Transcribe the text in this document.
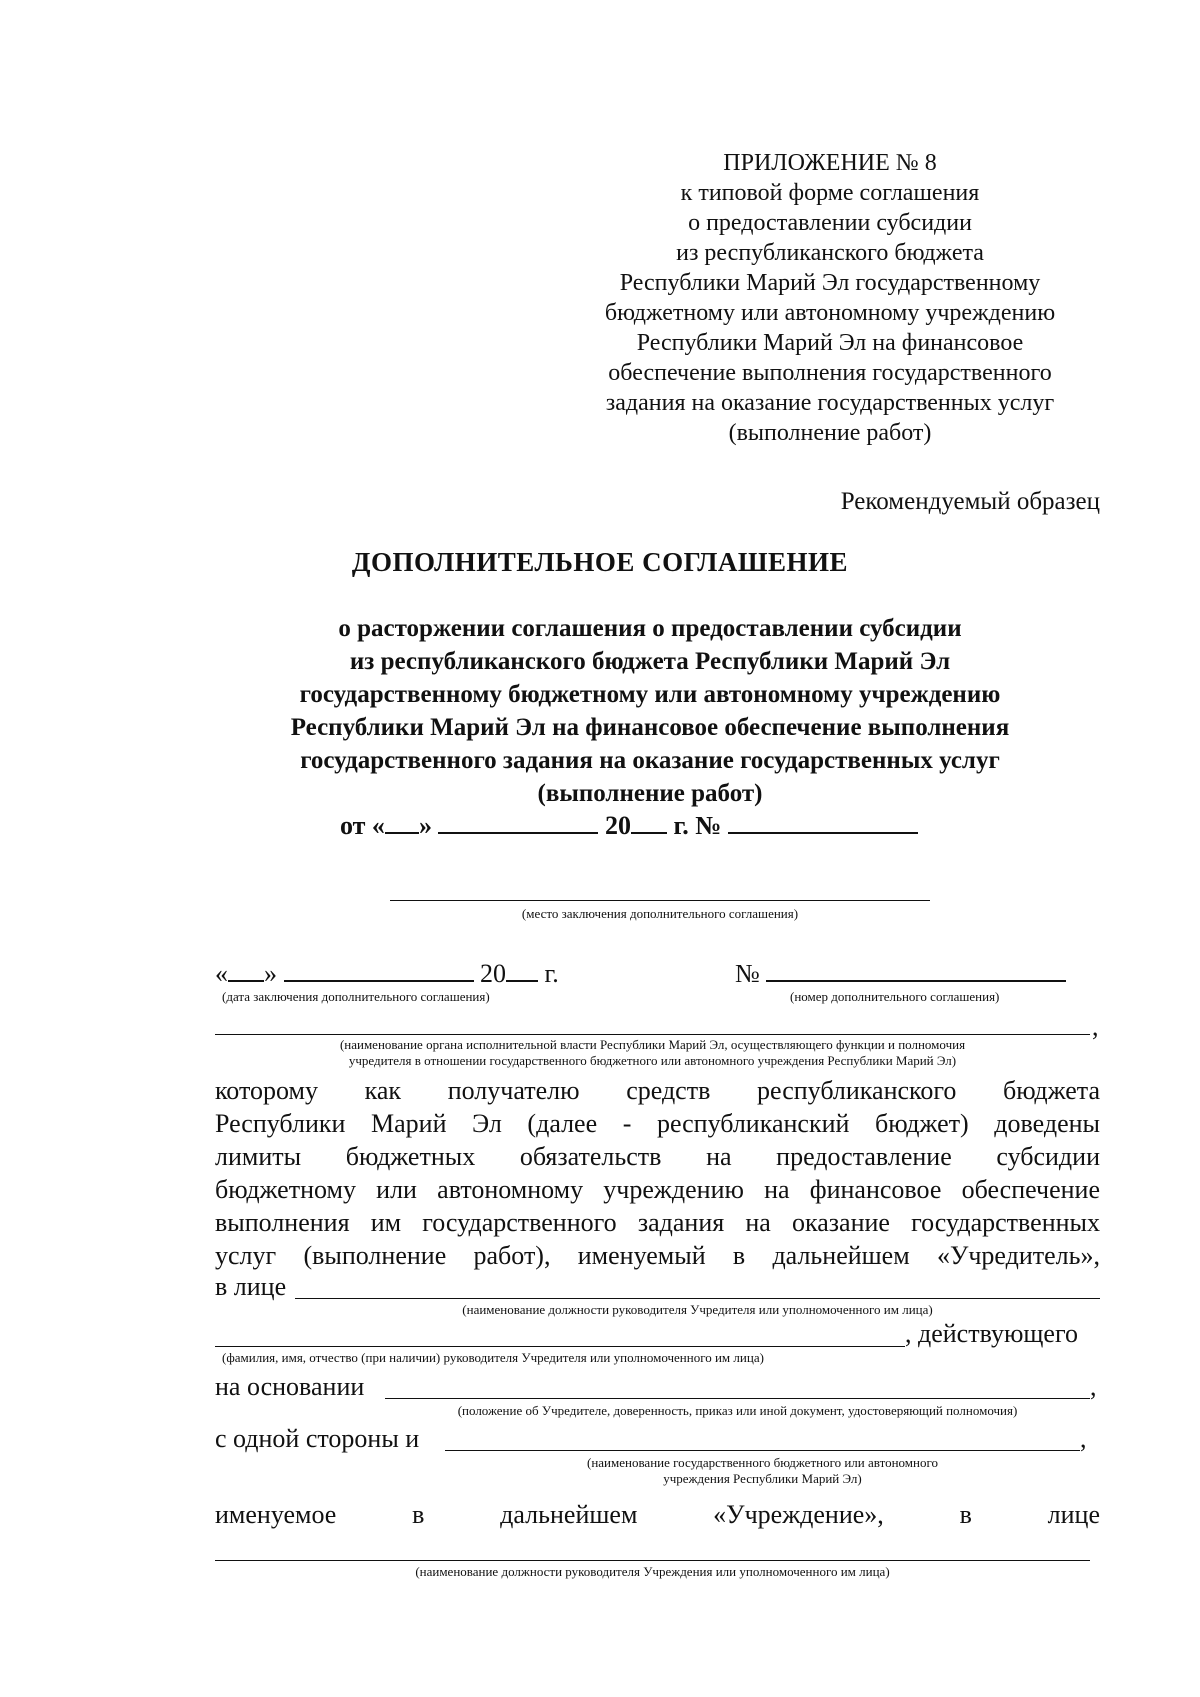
ПРИЛОЖЕНИЕ № 8
к типовой форме соглашения
о предоставлении субсидии
из республиканского бюджета
Республики Марий Эл государственному
бюджетному или автономному учреждению
Республики Марий Эл на финансовое
обеспечение выполнения государственного
задания на оказание государственных услуг
(выполнение работ)
Рекомендуемый образец
ДОПОЛНИТЕЛЬНОЕ СОГЛАШЕНИЕ
о расторжении соглашения о предоставлении субсидии
из республиканского бюджета Республики Марий Эл
государственному бюджетному или автономному учреждению
Республики Марий Эл на финансовое обеспечение выполнения
государственного задания на оказание государственных услуг
(выполнение работ)
от « »	20 г. №
(место заключения дополнительного соглашения)
« »	20 г.	№
(дата заключения дополнительного соглашения)	(номер дополнительного соглашения)
,
(наименование органа исполнительной власти Республики Марий Эл, осуществляющего функции и полномочия
учредителя в отношении государственного бюджетного или автономного учреждения Республики Марий Эл)
которому как получателю средств республиканского бюджета
Республики Марий Эл (далее - республиканский бюджет) доведены
лимиты бюджетных обязательств на предоставление субсидии
бюджетному или автономному учреждению на финансовое обеспечение
выполнения им государственного задания на оказание государственных
услуг (выполнение работ), именуемый в дальнейшем «Учредитель»,
в лице
(наименование должности руководителя Учредителя или уполномоченного им лица)
, действующего
(фамилия, имя, отчество (при наличии) руководителя Учредителя или уполномоченного им лица)
на основании	,
(положение об Учредителе, доверенность, приказ или иной документ, удостоверяющий полномочия)
с одной стороны и	,
(наименование государственного бюджетного или автономного
учреждения Республики Марий Эл)
именуемое в дальнейшем «Учреждение», в лице
(наименование должности руководителя Учреждения или уполномоченного им лица)
